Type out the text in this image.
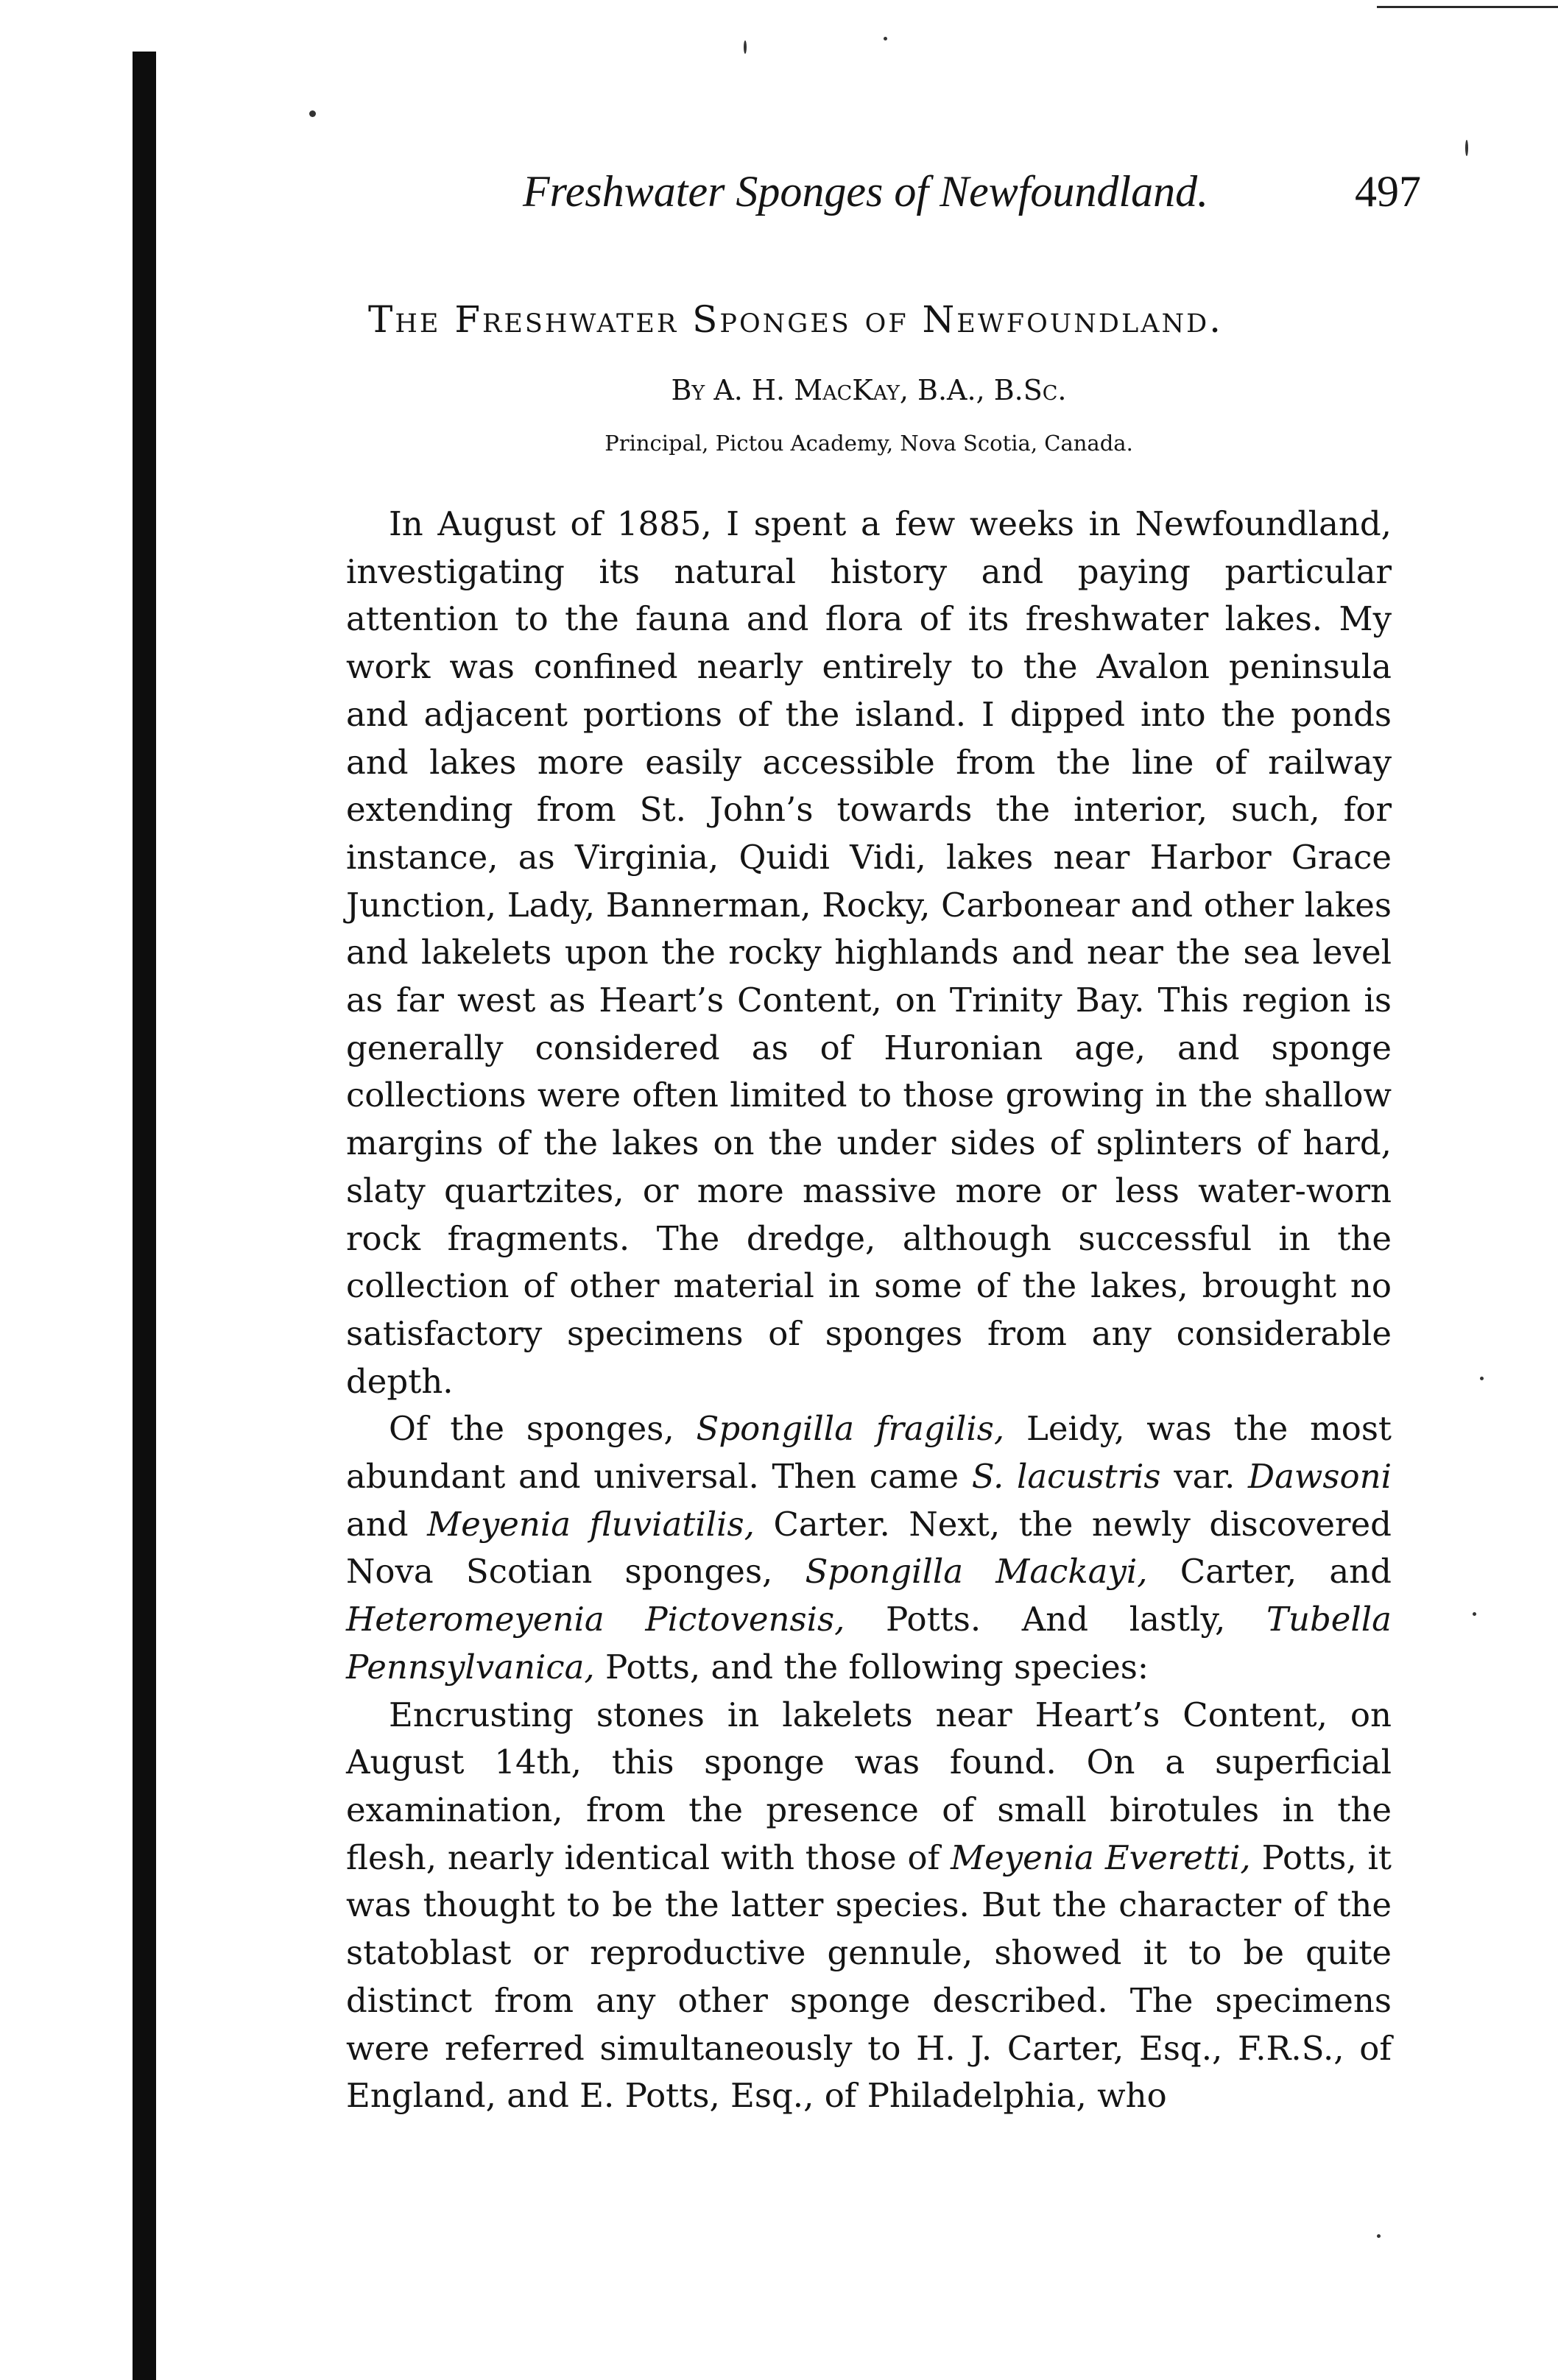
Freshwater Sponges of Newfoundland.	497
The Freshwater Sponges of Newfoundland.
By A. H. MacKay, B.A., B.Sc.
Principal, Pictou Academy, Nova Scotia, Canada.

In August of 1885, I spent a few weeks in Newfoundland, investigating its natural history and paying particular attention to the fauna and flora of its freshwater lakes. My work was confined nearly entirely to the Avalon peninsula and adjacent portions of the island. I dipped into the ponds and lakes more easily accessible from the line of railway extending from St. John’s towards the interior, such, for instance, as Virginia, Quidi Vidi, lakes near Harbor Grace Junction, Lady, Bannerman, Rocky, Carbonear and other lakes and lakelets upon the rocky highlands and near the sea level as far west as Heart’s Content, on Trinity Bay. This region is generally considered as of Huronian age, and sponge collections were often limited to those growing in the shallow margins of the lakes on the under sides of splinters of hard, slaty quartzites, or more massive more or less water-worn rock fragments. The dredge, although successful in the collection of other material in some of the lakes, brought no satisfactory specimens of sponges from any considerable depth.

Of the sponges, Spongilla fragilis, Leidy, was the most abundant and universal. Then came S. lacustris var. Dawsoni and Meyenia fluviatilis, Carter. Next, the newly discovered Nova Scotian sponges, Spongilla Mackayi, Carter, and Heteromeyenia Pictovensis, Potts. And lastly, Tubella Pennsylvanica, Potts, and the following species:

Encrusting stones in lakelets near Heart’s Content, on August 14th, this sponge was found. On a superficial examination, from the presence of small birotules in the flesh, nearly identical with those of Meyenia Everetti, Potts, it was thought to be the latter species. But the character of the statoblast or reproductive gennule, showed it to be quite distinct from any other sponge described. The specimens were referred simultaneously to H. J. Carter, Esq., F.R.S., of England, and E. Potts, Esq., of Philadelphia, who
